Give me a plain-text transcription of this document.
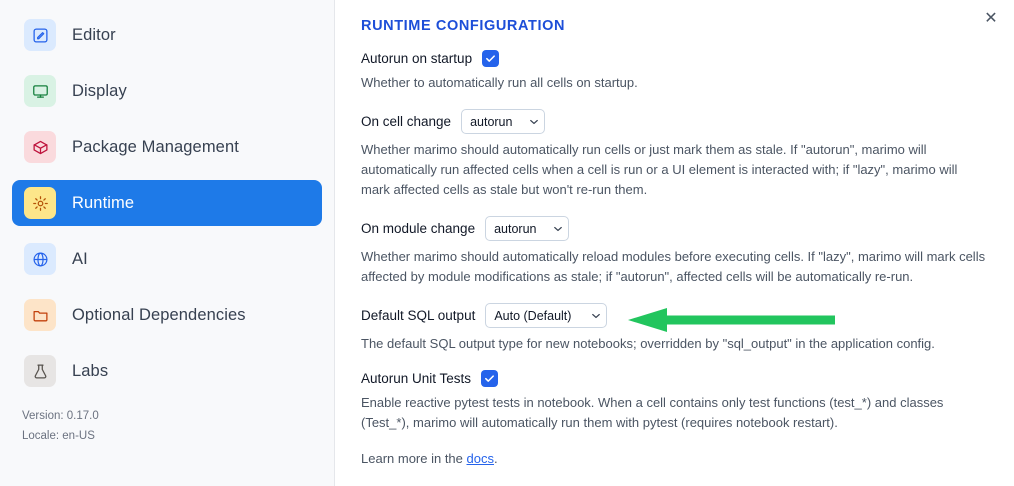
Editor
Display
Package Management
Runtime
AI
Optional Dependencies
Labs
Version: 0.17.0
Locale: en-US
✕
RUNTIME CONFIGURATION
Autorun on startup

Whether to automatically run all cells on startup.

On cell change autorun

Whether marimo should automatically run cells or just mark them as stale. If "autorun", marimo will automatically run affected cells when a cell is run or a UI element is interacted with; if "lazy", marimo will mark affected cells as stale but won't re-run them.

On module change autorun

Whether marimo should automatically reload modules before executing cells. If "lazy", marimo will mark cells affected by module modifications as stale; if "autorun", affected cells will be automatically re-run.

Default SQL output Auto (Default)

The default SQL output type for new notebooks; overridden by "sql_output" in the application config.

Autorun Unit Tests

Enable reactive pytest tests in notebook. When a cell contains only test functions (test_*) and classes (Test_*), marimo will automatically run them with pytest (requires notebook restart).

Learn more in the docs.
